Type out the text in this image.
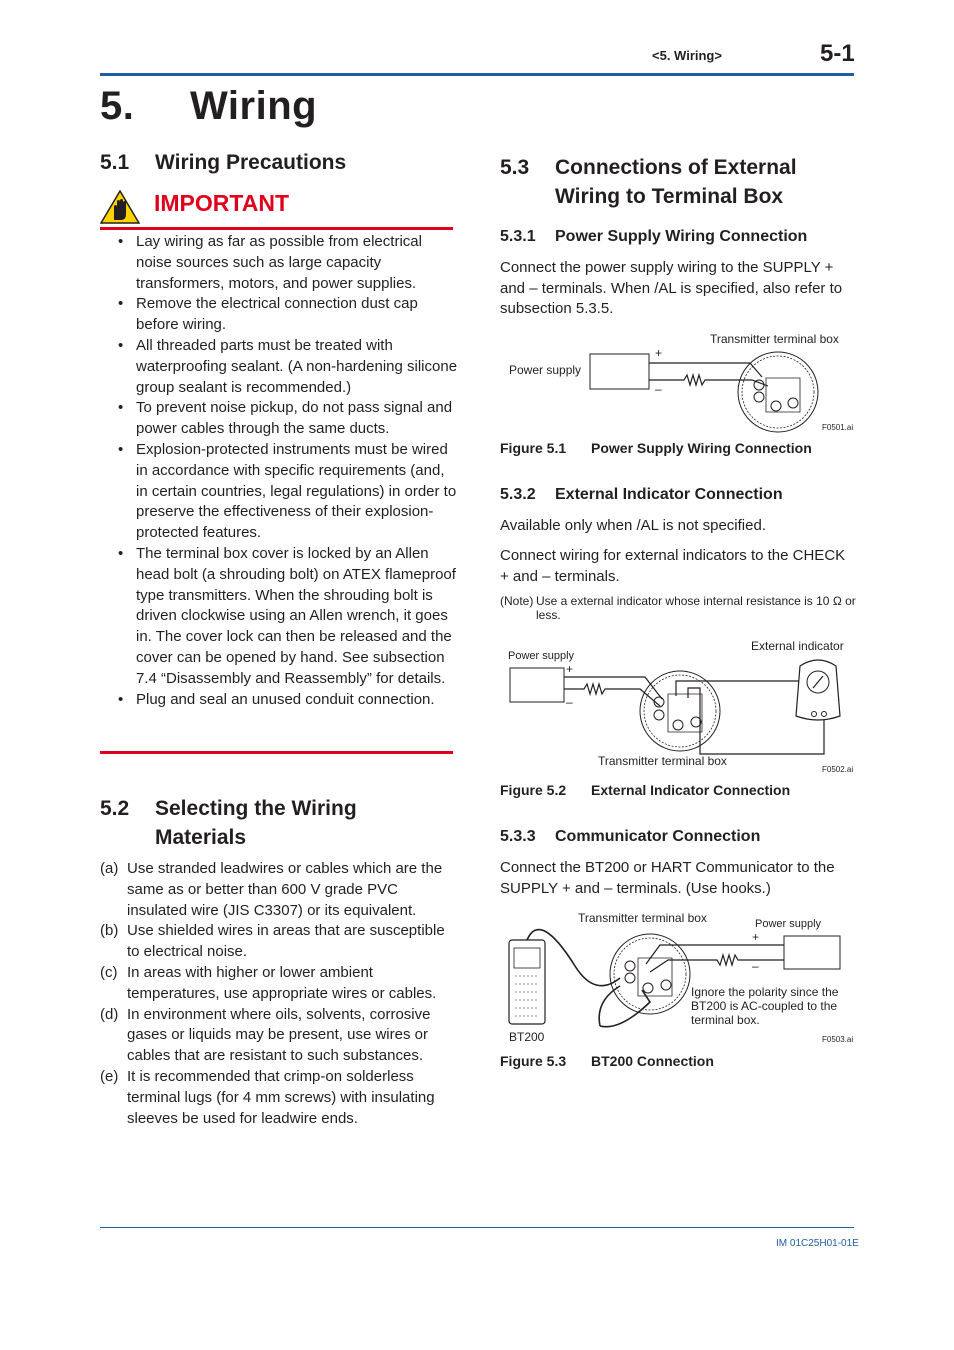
<5. Wiring>	5-1
5. Wiring
5.1 Wiring Precautions
IMPORTANT
• Lay wiring as far as possible from electrical noise sources such as large capacity transformers, motors, and power supplies.
• Remove the electrical connection dust cap before wiring.
• All threaded parts must be treated with waterproofing sealant. (A non-hardening silicone group sealant is recommended.)
• To prevent noise pickup, do not pass signal and power cables through the same ducts.
• Explosion-protected instruments must be wired in accordance with specific requirements (and, in certain countries, legal regulations) in order to preserve the effectiveness of their explosion-protected features.
• The terminal box cover is locked by an Allen head bolt (a shrouding bolt) on ATEX flameproof type transmitters. When the shrouding bolt is driven clockwise using an Allen wrench, it goes in. The cover lock can then be released and the cover can be opened by hand. See subsection 7.4 “Disassembly and Reassembly” for details.
• Plug and seal an unused conduit connection.
5.2 Selecting the Wiring
Materials
(a) Use stranded leadwires or cables which are the same as or better than 600 V grade PVC insulated wire (JIS C3307) or its equivalent.
(b) Use shielded wires in areas that are susceptible to electrical noise.
(c) In areas with higher or lower ambient temperatures, use appropriate wires or cables.
(d) In environment where oils, solvents, corrosive gases or liquids may be present, use wires or cables that are resistant to such substances.
(e) It is recommended that crimp-on solderless terminal lugs (for 4 mm screws) with insulating sleeves be used for leadwire ends.
5.3 Connections of External
Wiring to Terminal Box
5.3.1 Power Supply Wiring Connection
Connect the power supply wiring to the SUPPLY + and – terminals. When /AL is specified, also refer to subsection 5.3.5.
Transmitter terminal box
Power supply
+
–
F0501.ai
Figure 5.1 Power Supply Wiring Connection
5.3.2 External Indicator Connection
Available only when /AL is not specified.
Connect wiring for external indicators to the CHECK + and – terminals.
(Note) Use a external indicator whose internal resistance is 10 Ω or less.
Power supply
External indicator
+
–
Transmitter terminal box
F0502.ai
Figure 5.2 External Indicator Connection
5.3.3 Communicator Connection
Connect the BT200 or HART Communicator to the SUPPLY + and – terminals. (Use hooks.)
Transmitter terminal box	Power supply
+
–
BT200
Ignore the polarity since the
BT200 is AC-coupled to the
terminal box.
F0503.ai
Figure 5.3 BT200 Connection
IM 01C25H01-01E
